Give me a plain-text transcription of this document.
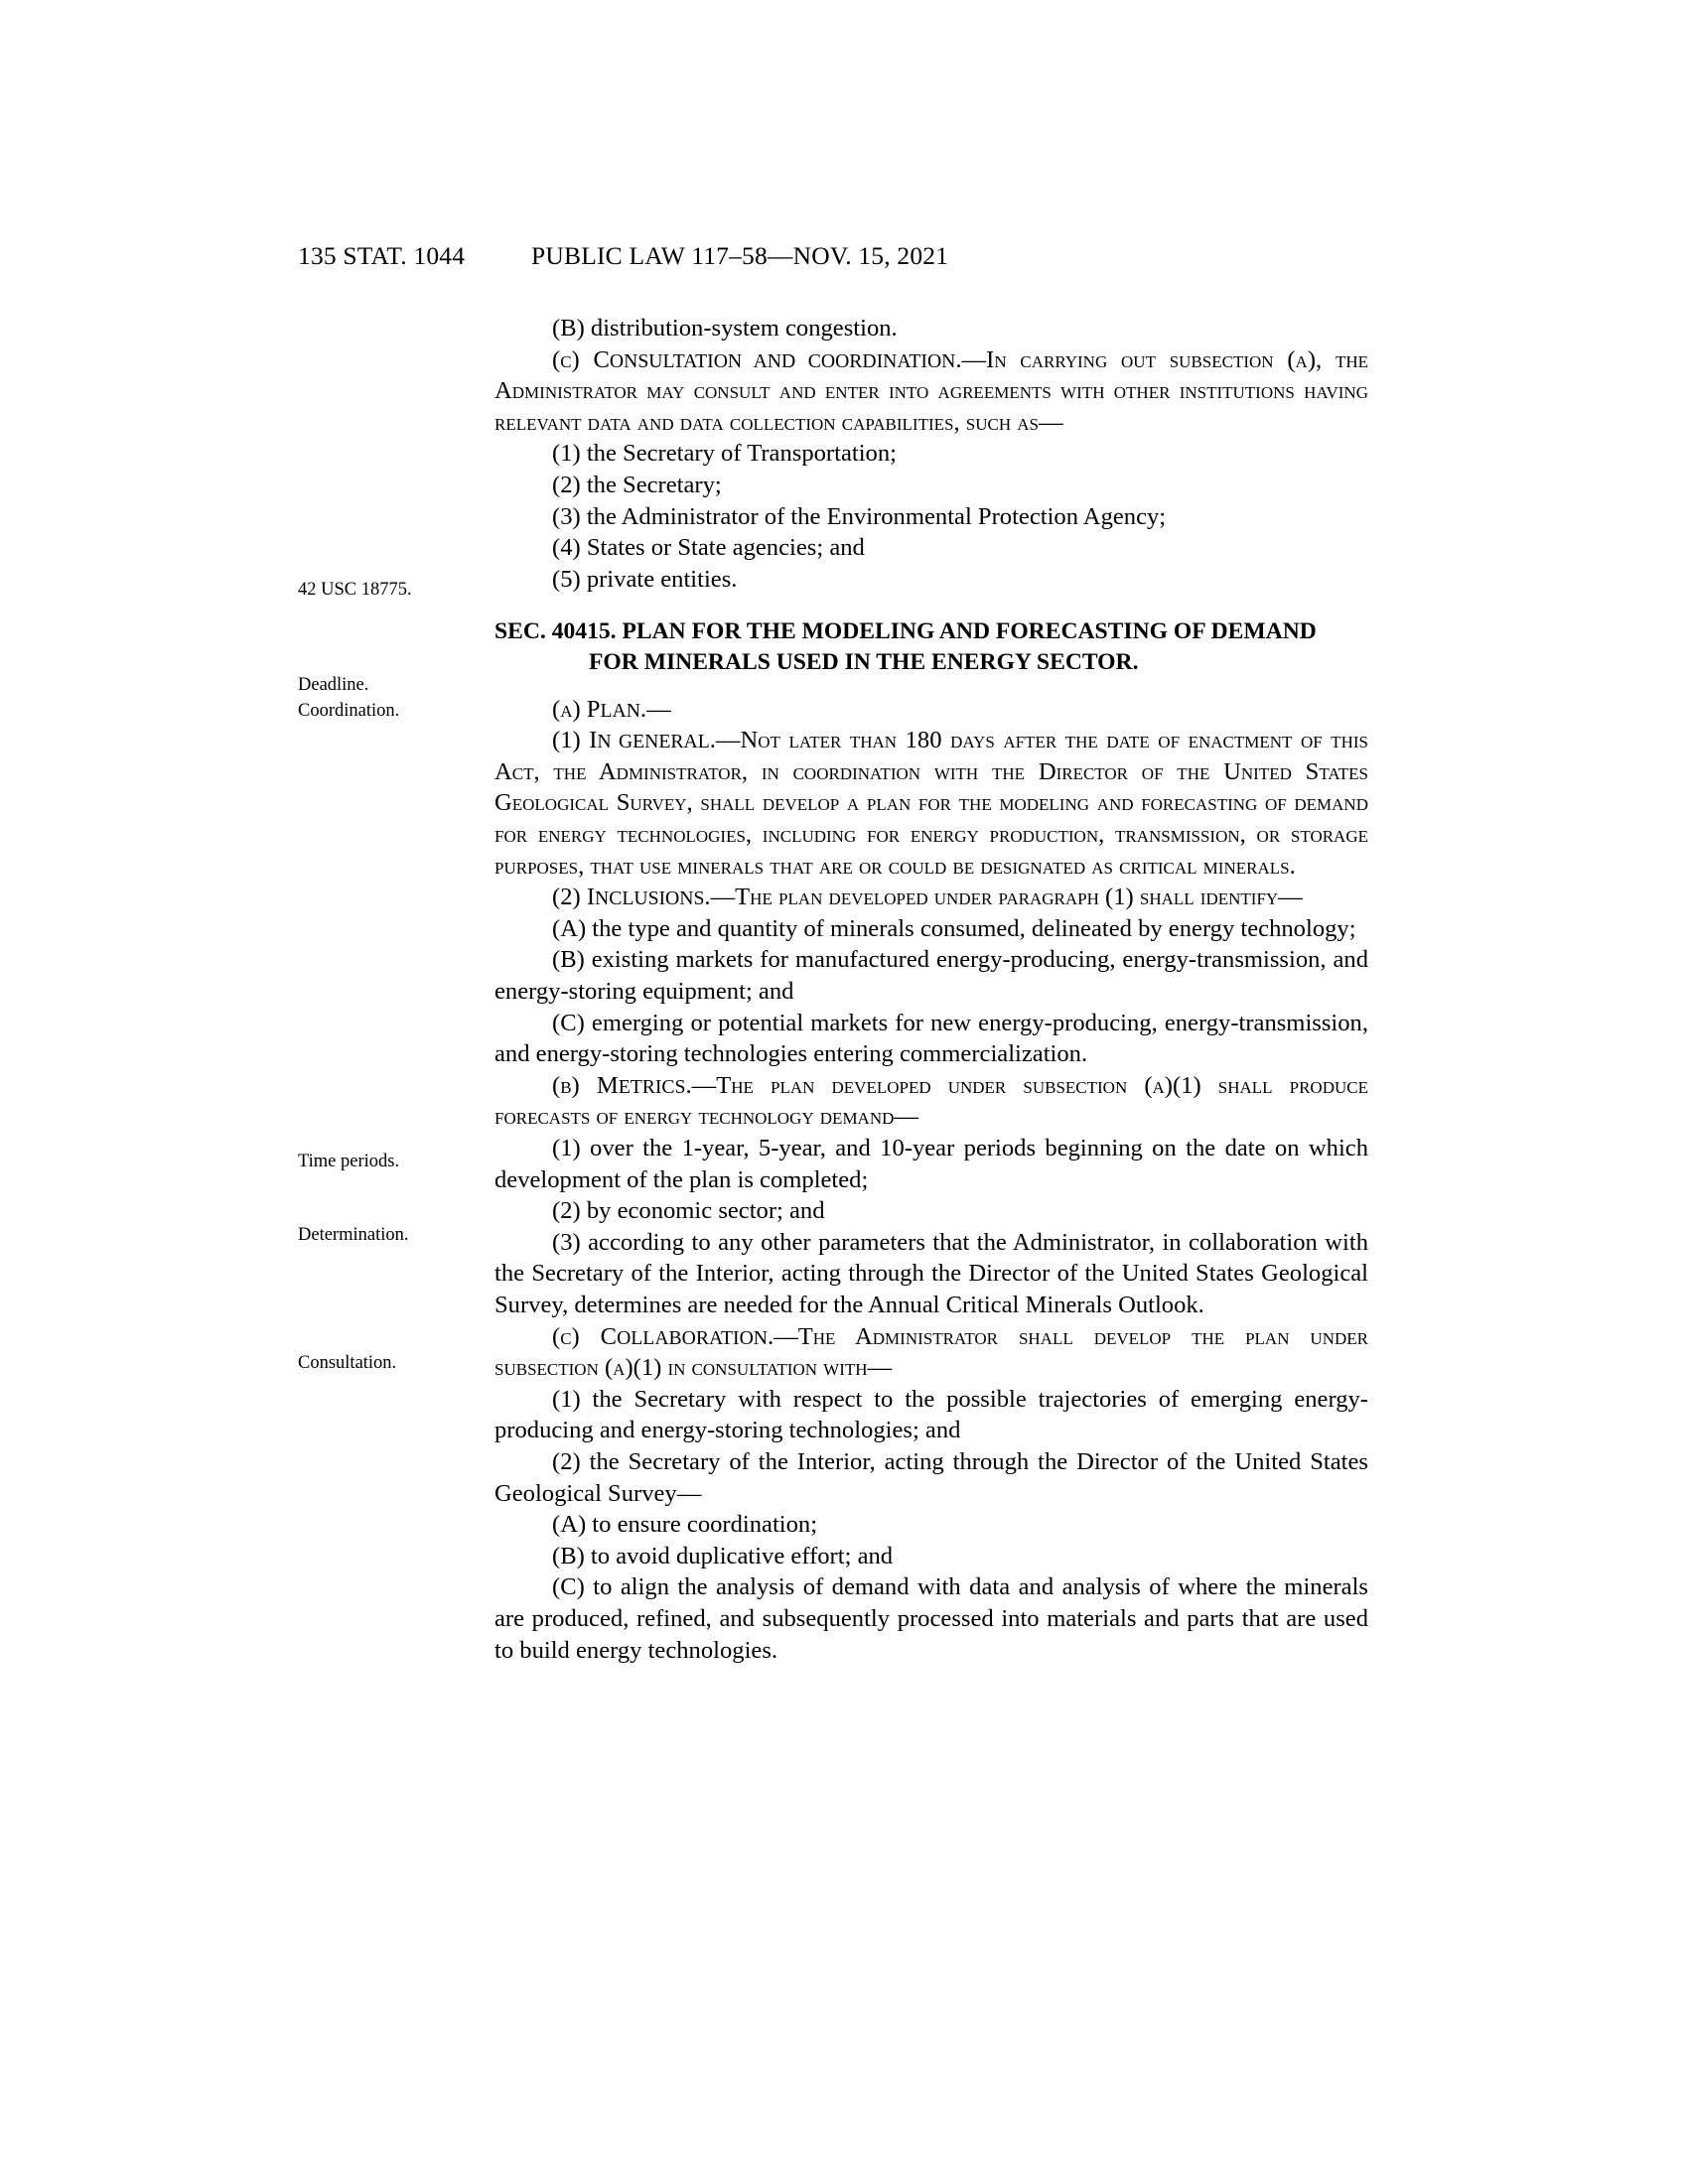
135 STAT. 1044	PUBLIC LAW 117–58—NOV. 15, 2021
42 USC 18775.
Deadline.
Coordination.
Time periods.
Determination.
Consultation.

(B) distribution-system congestion.

(c) CONSULTATION AND COORDINATION.—In carrying out subsection (a), the Administrator may consult and enter into agreements with other institutions having relevant data and data collection capabilities, such as—

(1) the Secretary of Transportation;

(2) the Secretary;

(3) the Administrator of the Environmental Protection Agency;

(4) States or State agencies; and

(5) private entities.

SEC. 40415. PLAN FOR THE MODELING AND FORECASTING OF DEMAND
FOR MINERALS USED IN THE ENERGY SECTOR.

(a) PLAN.—

(1) IN GENERAL.—Not later than 180 days after the date of enactment of this Act, the Administrator, in coordination with the Director of the United States Geological Survey, shall develop a plan for the modeling and forecasting of demand for energy technologies, including for energy production, transmission, or storage purposes, that use minerals that are or could be designated as critical minerals.

(2) INCLUSIONS.—The plan developed under paragraph (1) shall identify—

(A) the type and quantity of minerals consumed, delineated by energy technology;

(B) existing markets for manufactured energy-producing, energy-transmission, and energy-storing equipment; and

(C) emerging or potential markets for new energy-producing, energy-transmission, and energy-storing technologies entering commercialization.

(b) METRICS.—The plan developed under subsection (a)(1) shall produce forecasts of energy technology demand—

(1) over the 1-year, 5-year, and 10-year periods beginning on the date on which development of the plan is completed;

(2) by economic sector; and

(3) according to any other parameters that the Administrator, in collaboration with the Secretary of the Interior, acting through the Director of the United States Geological Survey, determines are needed for the Annual Critical Minerals Outlook.

(c) COLLABORATION.—The Administrator shall develop the plan under subsection (a)(1) in consultation with—

(1) the Secretary with respect to the possible trajectories of emerging energy-producing and energy-storing technologies; and

(2) the Secretary of the Interior, acting through the Director of the United States Geological Survey—

(A) to ensure coordination;

(B) to avoid duplicative effort; and

(C) to align the analysis of demand with data and analysis of where the minerals are produced, refined, and subsequently processed into materials and parts that are used to build energy technologies.
